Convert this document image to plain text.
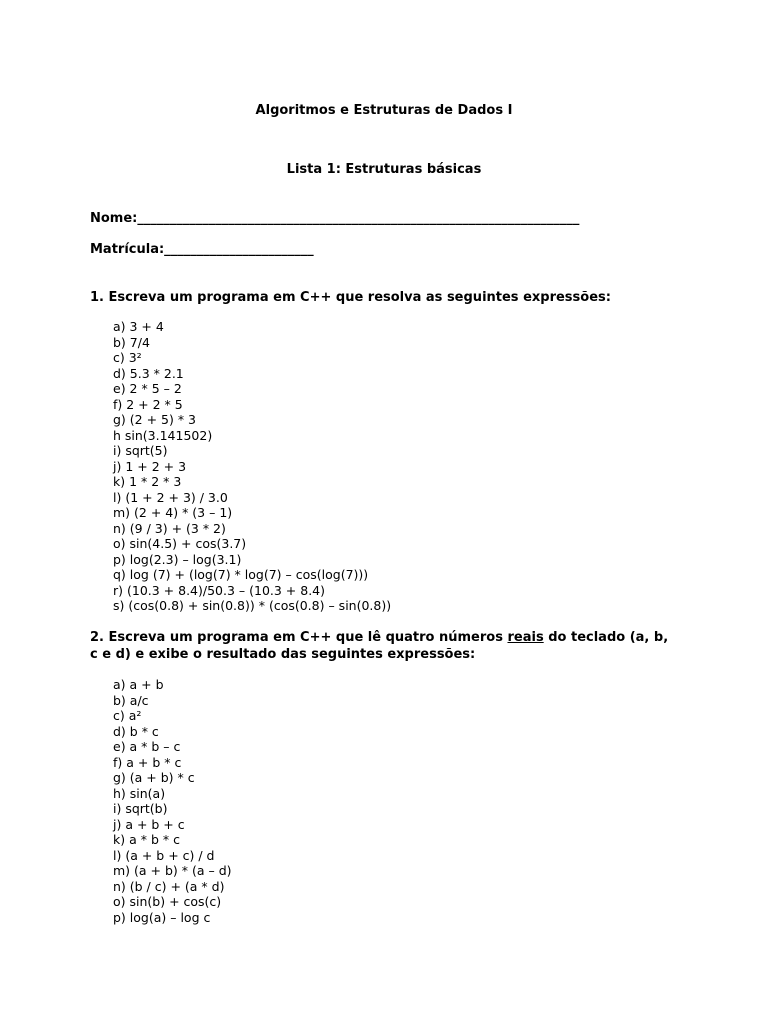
Algoritmos e Estruturas de Dados I
Lista 1: Estruturas básicas
Nome:____________________________________________________________________
Matrícula:_______________________
1. Escreva um programa em C++ que resolva as seguintes expressões:
a) 3 + 4
b) 7/4
c) 3²
d) 5.3 * 2.1
e) 2 * 5 – 2
f) 2 + 2 * 5
g) (2 + 5) * 3
h sin(3.141502)
i) sqrt(5)
j) 1 + 2 + 3
k) 1 * 2 * 3
l) (1 + 2 + 3) / 3.0
m) (2 + 4) * (3 – 1)
n) (9 / 3) + (3 * 2)
o) sin(4.5) + cos(3.7)
p) log(2.3) – log(3.1)
q) log (7) + (log(7) * log(7) – cos(log(7)))
r) (10.3 + 8.4)/50.3 – (10.3 + 8.4)
s) (cos(0.8) + sin(0.8)) * (cos(0.8) – sin(0.8))
2. Escreva um programa em C++ que lê quatro números reais do teclado (a, b, c e d) e exibe o resultado das seguintes expressões:
a) a + b
b) a/c
c) a²
d) b * c
e) a * b – c
f) a + b * c
g) (a + b) * c
h) sin(a)
i) sqrt(b)
j) a + b + c
k) a * b * c
l) (a + b + c) / d
m) (a + b) * (a – d)
n) (b / c) + (a * d)
o) sin(b) + cos(c)
p) log(a) – log c
